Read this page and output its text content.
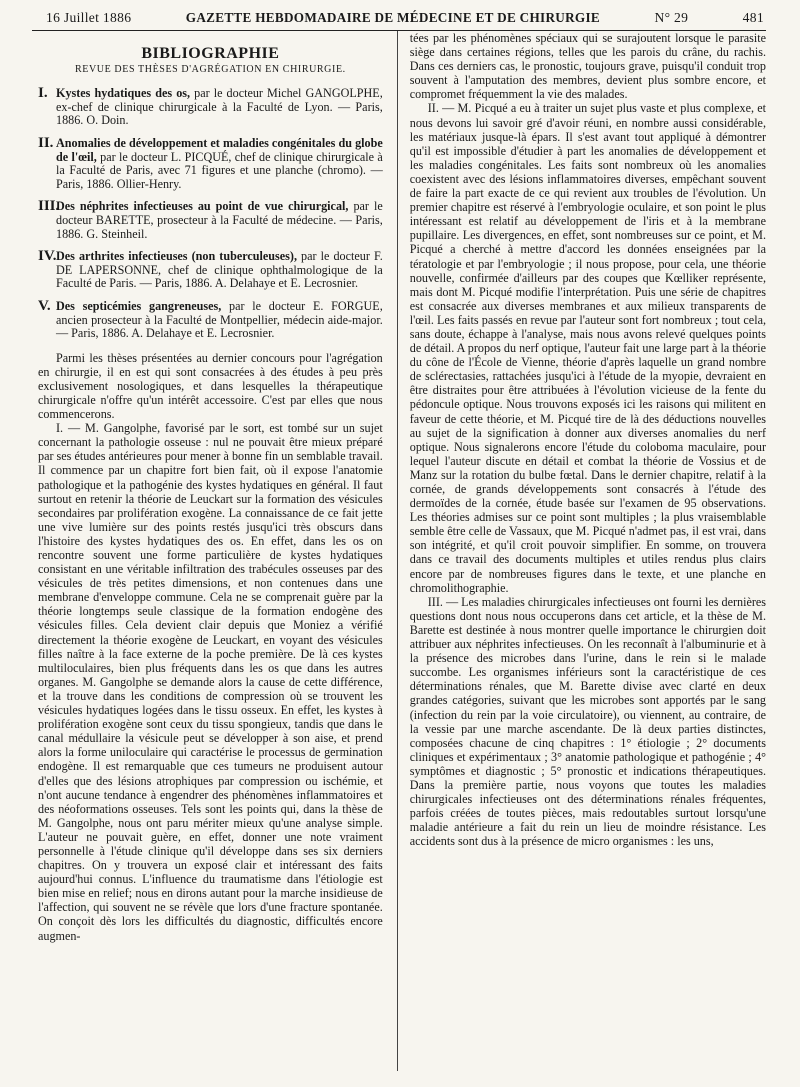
16 Juillet 1886	GAZETTE HEBDOMADAIRE DE MÉDECINE ET DE CHIRURGIE	N° 29	481
BIBLIOGRAPHIE
REVUE DES THÈSES D'AGRÉGATION EN CHIRURGIE.
I. Kystes hydatiques des os, par le docteur Michel GANGOLPHE, ex-chef de clinique chirurgicale à la Faculté de Lyon. — Paris, 1886. O. Doin.
II. Anomalies de développement et maladies congénitales du globe de l'œil, par le docteur L. PICQUÉ, chef de clinique chirurgicale à la Faculté de Paris, avec 71 figures et une planche (chromo). — Paris, 1886. Ollier-Henry.
III.
Des néphrites infectieuses au point de vue chirurgical, par le docteur BARETTE, prosecteur à la Faculté de médecine. — Paris, 1886. G. Steinheil.
IV. Des arthrites infectieuses (non tuberculeuses), par le docteur F. DE LAPERSONNE, chef de clinique ophthalmologique de la Faculté de Paris. — Paris, 1886. A. Delahaye et E. Lecrosnier.
V. Des septicémies gangreneuses, par le docteur E. FORGUE, ancien prosecteur à la Faculté de Montpellier, médecin aide-major. — Paris, 1886. A. Delahaye et E. Lecrosnier.

Parmi les thèses présentées au dernier concours pour l'agrégation en chirurgie, il en est qui sont consacrées à des études à peu près exclusivement nosologiques, et dans lesquelles la thérapeutique chirurgicale n'offre qu'un intérêt accessoire. C'est par elles que nous commencerons.

I. — M. Gangolphe, favorisé par le sort, est tombé sur un sujet concernant la pathologie osseuse : nul ne pouvait être mieux préparé par ses études antérieures pour mener à bonne fin un semblable travail. Il commence par un chapitre fort bien fait, où il expose l'anatomie pathologique et la pathogénie des kystes hydatiques en général. Il faut surtout en retenir la théorie de Leuckart sur la formation des vésicules secondaires par prolifération exogène. La connaissance de ce fait jette une vive lumière sur des points restés jusqu'ici très obscurs dans l'histoire des kystes hydatiques des os. En effet, dans les os on rencontre souvent une forme particulière de kystes hydatiques consistant en une véritable infiltration des trabécules osseuses par des vésicules de très petites dimensions, et non contenues dans une membrane d'enveloppe commune. Cela ne se comprenait guère par la théorie longtemps seule classique de la formation endogène des vésicules filles. Cela devient clair depuis que Moniez a vérifié directement la théorie exogène de Leuckart, en voyant des vésicules filles naître à la face externe de la poche première. De là ces kystes multiloculaires, bien plus fréquents dans les os que dans les autres organes. M. Gangolphe se demande alors la cause de cette différence, et la trouve dans les conditions de compression où se trouvent les vésicules hydatiques logées dans le tissu osseux. En effet, les kystes à prolifération exogène sont ceux du tissu spongieux, tandis que dans le canal médullaire la vésicule peut se développer à son aise, et prend alors la forme uniloculaire qui caractérise le processus de germination endogène. Il est remarquable que ces tumeurs ne produisent autour d'elles que des lésions atrophiques par compression ou ischémie, et n'ont aucune tendance à engendrer des phénomènes inflammatoires et des néoformations osseuses. Tels sont les points qui, dans la thèse de M. Gangolphe, nous ont paru mériter mieux qu'une analyse simple. L'auteur ne pouvait guère, en effet, donner une note vraiment personnelle à l'étude clinique qu'il développe dans ses six derniers chapitres. On y trouvera un exposé clair et intéressant des faits aujourd'hui connus. L'influence du traumatisme dans l'étiologie est bien mise en relief; nous en dirons autant pour la marche insidieuse de l'affection, qui souvent ne se révèle que lors d'une fracture spontanée. On conçoit dès lors les difficultés du diagnostic, difficultés encore augmen-

tées par les phénomènes spéciaux qui se surajoutent lorsque le parasite siège dans certaines régions, telles que les parois du crâne, du rachis. Dans ces derniers cas, le pronostic, toujours grave, puisqu'il conduit trop souvent à l'amputation des membres, devient plus sombre encore, et compromet fréquemment la vie des malades.

II. — M. Picqué a eu à traiter un sujet plus vaste et plus complexe, et nous devons lui savoir gré d'avoir réuni, en nombre aussi considérable, les matériaux jusque-là épars. Il s'est avant tout appliqué à démontrer qu'il est impossible d'étudier à part les anomalies de développement et les maladies congénitales. Les faits sont nombreux où les anomalies coexistent avec des lésions inflammatoires diverses, empêchant souvent de faire la part exacte de ce qui revient aux troubles de l'évolution. Un premier chapitre est réservé à l'embryologie oculaire, et son point le plus intéressant est relatif au développement de l'iris et à la membrane pupillaire. Les divergences, en effet, sont nombreuses sur ce point, et M. Picqué a cherché à mettre d'accord les données enseignées par la tératologie et par l'embryologie ; il nous propose, pour cela, une théorie nouvelle, confirmée d'ailleurs par des coupes que Kœlliker représente, mais dont M. Picqué modifie l'interprétation. Puis une série de chapitres est consacrée aux diverses membranes et aux milieux transparents de l'œil. Les faits passés en revue par l'auteur sont fort nombreux ; tout cela, sans doute, échappe à l'analyse, mais nous avons relevé quelques points de détail. A propos du nerf optique, l'auteur fait une large part à la théorie du cône de l'École de Vienne, théorie d'après laquelle un grand nombre de sclérectasies, rattachées jusqu'ici à l'étude de la myopie, devraient en être distraites pour être attribuées à l'évolution vicieuse de la fente du pédoncule optique. Nous trouvons exposés ici les raisons qui militent en faveur de cette théorie, et M. Picqué tire de là des déductions nouvelles au sujet de la signification à donner aux diverses anomalies du nerf optique. Nous signalerons encore l'étude du coloboma maculaire, pour lequel l'auteur discute en détail et combat la théorie de Vossius et de Manz sur la rotation du bulbe fœtal. Dans le dernier chapitre, relatif à la cornée, de grands développements sont consacrés à l'étude des dermoïdes de la cornée, étude basée sur l'examen de 95 observations. Les théories admises sur ce point sont multiples ; la plus vraisemblable semble être celle de Vassaux, que M. Picqué n'admet pas, il est vrai, dans son intégrité, et qu'il croit pouvoir simplifier. En somme, on trouvera dans ce travail des documents multiples et utiles rendus plus clairs encore par de nombreuses figures dans le texte, et une planche en chromolithographie.

III. — Les maladies chirurgicales infectieuses ont fourni les dernières questions dont nous nous occuperons dans cet article, et la thèse de M. Barette est destinée à nous montrer quelle importance le chirurgien doit attribuer aux néphrites infectieuses. On les reconnaît à l'albuminurie et à la présence des microbes dans l'urine, dans le rein si le malade succombe. Les organismes inférieurs sont la caractéristique de ces déterminations rénales, que M. Barette divise avec clarté en deux grandes catégories, suivant que les microbes sont apportés par le sang (infection du rein par la voie circulatoire), ou viennent, au contraire, de la vessie par une marche ascendante. De là deux parties distinctes, composées chacune de cinq chapitres : 1° étiologie ; 2° documents cliniques et expérimentaux ; 3° anatomie pathologique et pathogénie ; 4° symptômes et diagnostic ; 5° pronostic et indications thérapeutiques. Dans la première partie, nous voyons que toutes les maladies chirurgicales infectieuses ont des déterminations rénales fréquentes, parfois créées de toutes pièces, mais redoutables surtout lorsqu'une maladie antérieure a fait du rein un lieu de moindre résistance. Les accidents sont dus à la présence de micro organismes : les uns,
